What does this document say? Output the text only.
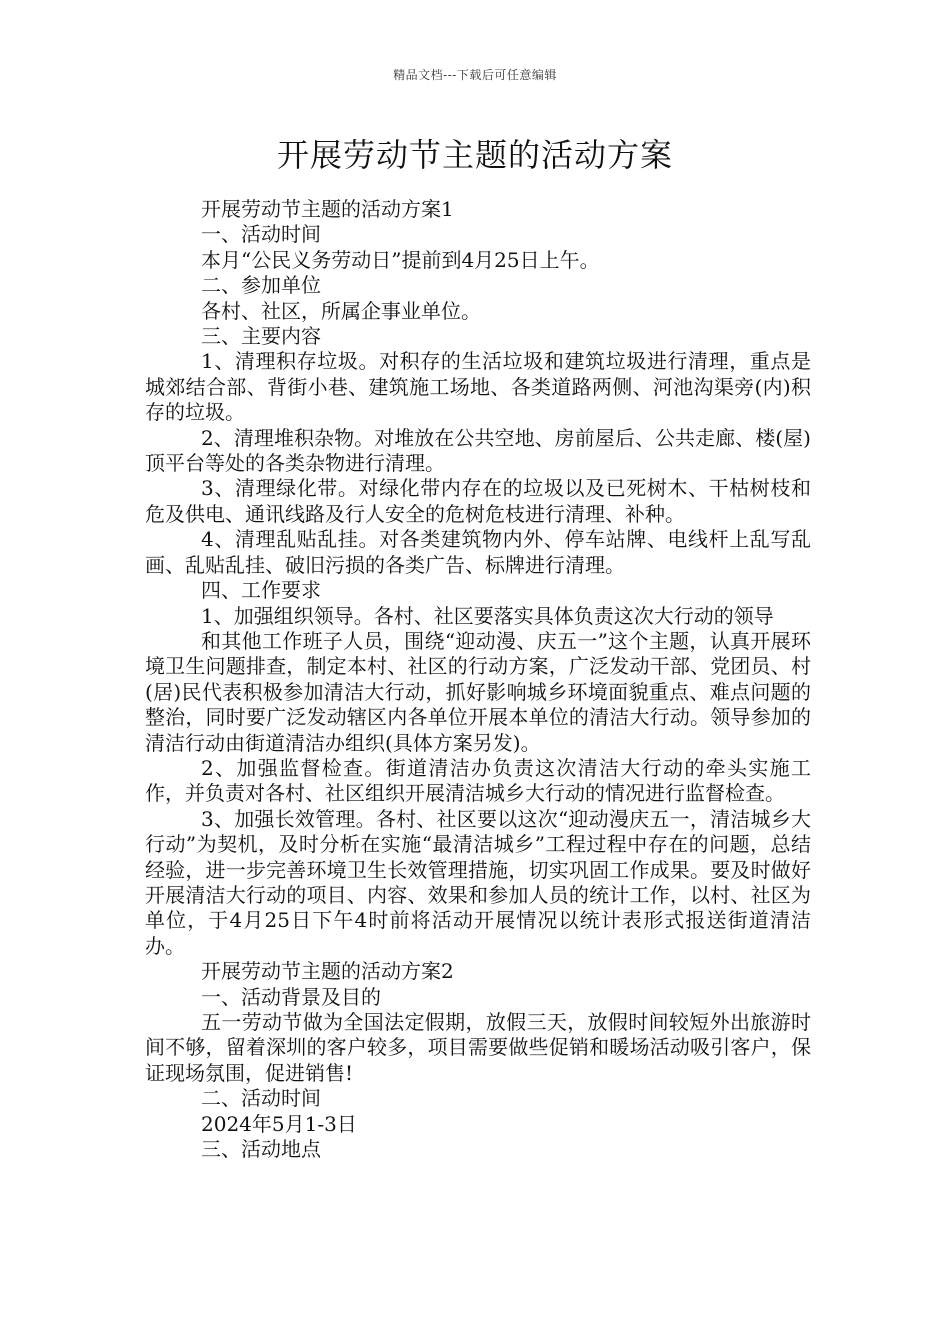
精品文档---下载后可任意编辑
开展劳动节主题的活动方案

开展劳动节主题的活动方案1

一、活动时间

本月“公民义务劳动日”提前到4月25日上午。

二、参加单位

各村、社区，所属企事业单位。

三、主要内容

1、清理积存垃圾。对积存的生活垃圾和建筑垃圾进行清理，重点是城郊结合部、背街小巷、建筑施工场地、各类道路两侧、河池沟渠旁(内)积存的垃圾。

2、清理堆积杂物。对堆放在公共空地、房前屋后、公共走廊、楼(屋)顶平台等处的各类杂物进行清理。

3、清理绿化带。对绿化带内存在的垃圾以及已死树木、干枯树枝和危及供电、通讯线路及行人安全的危树危枝进行清理、补种。

4、清理乱贴乱挂。对各类建筑物内外、停车站牌、电线杆上乱写乱画、乱贴乱挂、破旧污损的各类广告、标牌进行清理。

四、工作要求

1、加强组织领导。各村、社区要落实具体负责这次大行动的领导

和其他工作班子人员，围绕“迎动漫、庆五一”这个主题，认真开展环境卫生问题排查，制定本村、社区的行动方案，广泛发动干部、党团员、村(居)民代表积极参加清洁大行动，抓好影响城乡环境面貌重点、难点问题的整治，同时要广泛发动辖区内各单位开展本单位的清洁大行动。领导参加的清洁行动由街道清洁办组织(具体方案另发)。

2、加强监督检查。街道清洁办负责这次清洁大行动的牵头实施工作，并负责对各村、社区组织开展清洁城乡大行动的情况进行监督检查。

3、加强长效管理。各村、社区要以这次“迎动漫庆五一，清洁城乡大行动”为契机，及时分析在实施“最清洁城乡”工程过程中存在的问题，总结经验，进一步完善环境卫生长效管理措施，切实巩固工作成果。要及时做好开展清洁大行动的项目、内容、效果和参加人员的统计工作，以村、社区为单位，于4月25日下午4时前将活动开展情况以统计表形式报送街道清洁办。

开展劳动节主题的活动方案2

一、活动背景及目的

五一劳动节做为全国法定假期，放假三天，放假时间较短外出旅游时间不够，留着深圳的客户较多，项目需要做些促销和暖场活动吸引客户，保证现场氛围，促进销售!

二、活动时间

2024年5月1-3日

三、活动地点
